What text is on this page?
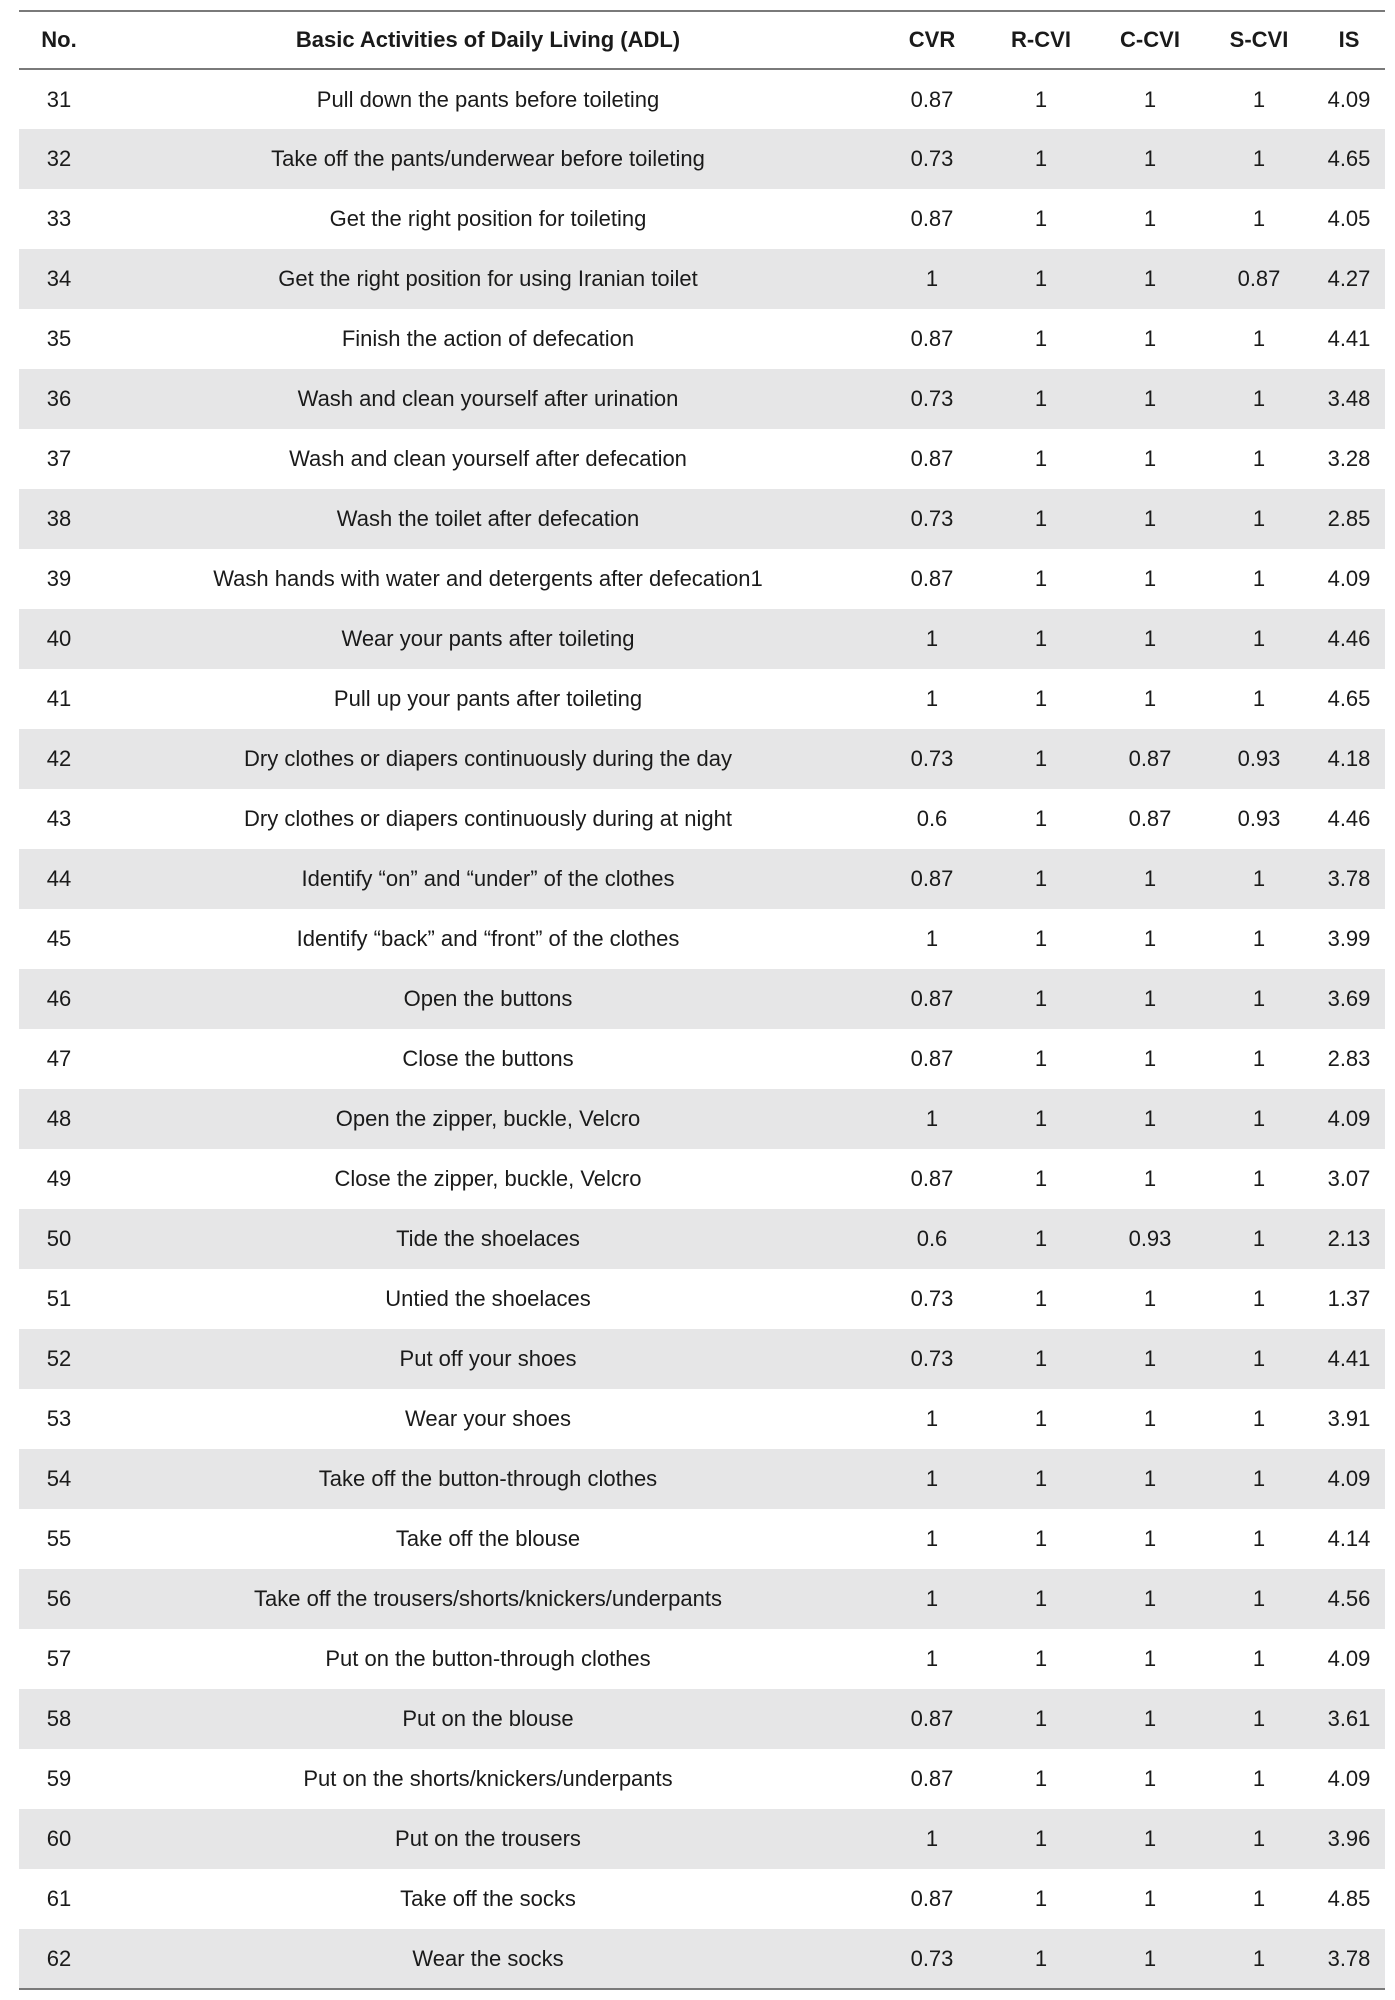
No.	Basic Activities of Daily Living (ADL)	CVR	R-CVI	C-CVI	S-CVI	IS
31	Pull down the pants before toileting	0.87	1	1	1	4.09
32	Take off the pants/underwear before toileting	0.73	1	1	1	4.65
33	Get the right position for toileting	0.87	1	1	1	4.05
34	Get the right position for using Iranian toilet	1	1	1	0.87	4.27
35	Finish the action of defecation	0.87	1	1	1	4.41
36	Wash and clean yourself after urination	0.73	1	1	1	3.48
37	Wash and clean yourself after defecation	0.87	1	1	1	3.28
38	Wash the toilet after defecation	0.73	1	1	1	2.85
39	Wash hands with water and detergents after defecation1	0.87	1	1	1	4.09
40	Wear your pants after toileting	1	1	1	1	4.46
41	Pull up your pants after toileting	1	1	1	1	4.65
42	Dry clothes or diapers continuously during the day	0.73	1	0.87	0.93	4.18
43	Dry clothes or diapers continuously during at night	0.6	1	0.87	0.93	4.46
44	Identify “on” and “under” of the clothes	0.87	1	1	1	3.78
45	Identify “back” and “front” of the clothes	1	1	1	1	3.99
46	Open the buttons	0.87	1	1	1	3.69
47	Close the buttons	0.87	1	1	1	2.83
48	Open the zipper, buckle, Velcro	1	1	1	1	4.09
49	Close the zipper, buckle, Velcro	0.87	1	1	1	3.07
50	Tide the shoelaces	0.6	1	0.93	1	2.13
51	Untied the shoelaces	0.73	1	1	1	1.37
52	Put off your shoes	0.73	1	1	1	4.41
53	Wear your shoes	1	1	1	1	3.91
54	Take off the button-through clothes	1	1	1	1	4.09
55	Take off the blouse	1	1	1	1	4.14
56	Take off the trousers/shorts/knickers/underpants	1	1	1	1	4.56
57	Put on the button-through clothes	1	1	1	1	4.09
58	Put on the blouse	0.87	1	1	1	3.61
59	Put on the shorts/knickers/underpants	0.87	1	1	1	4.09
60	Put on the trousers	1	1	1	1	3.96
61	Take off the socks	0.87	1	1	1	4.85
62	Wear the socks	0.73	1	1	1	3.78
